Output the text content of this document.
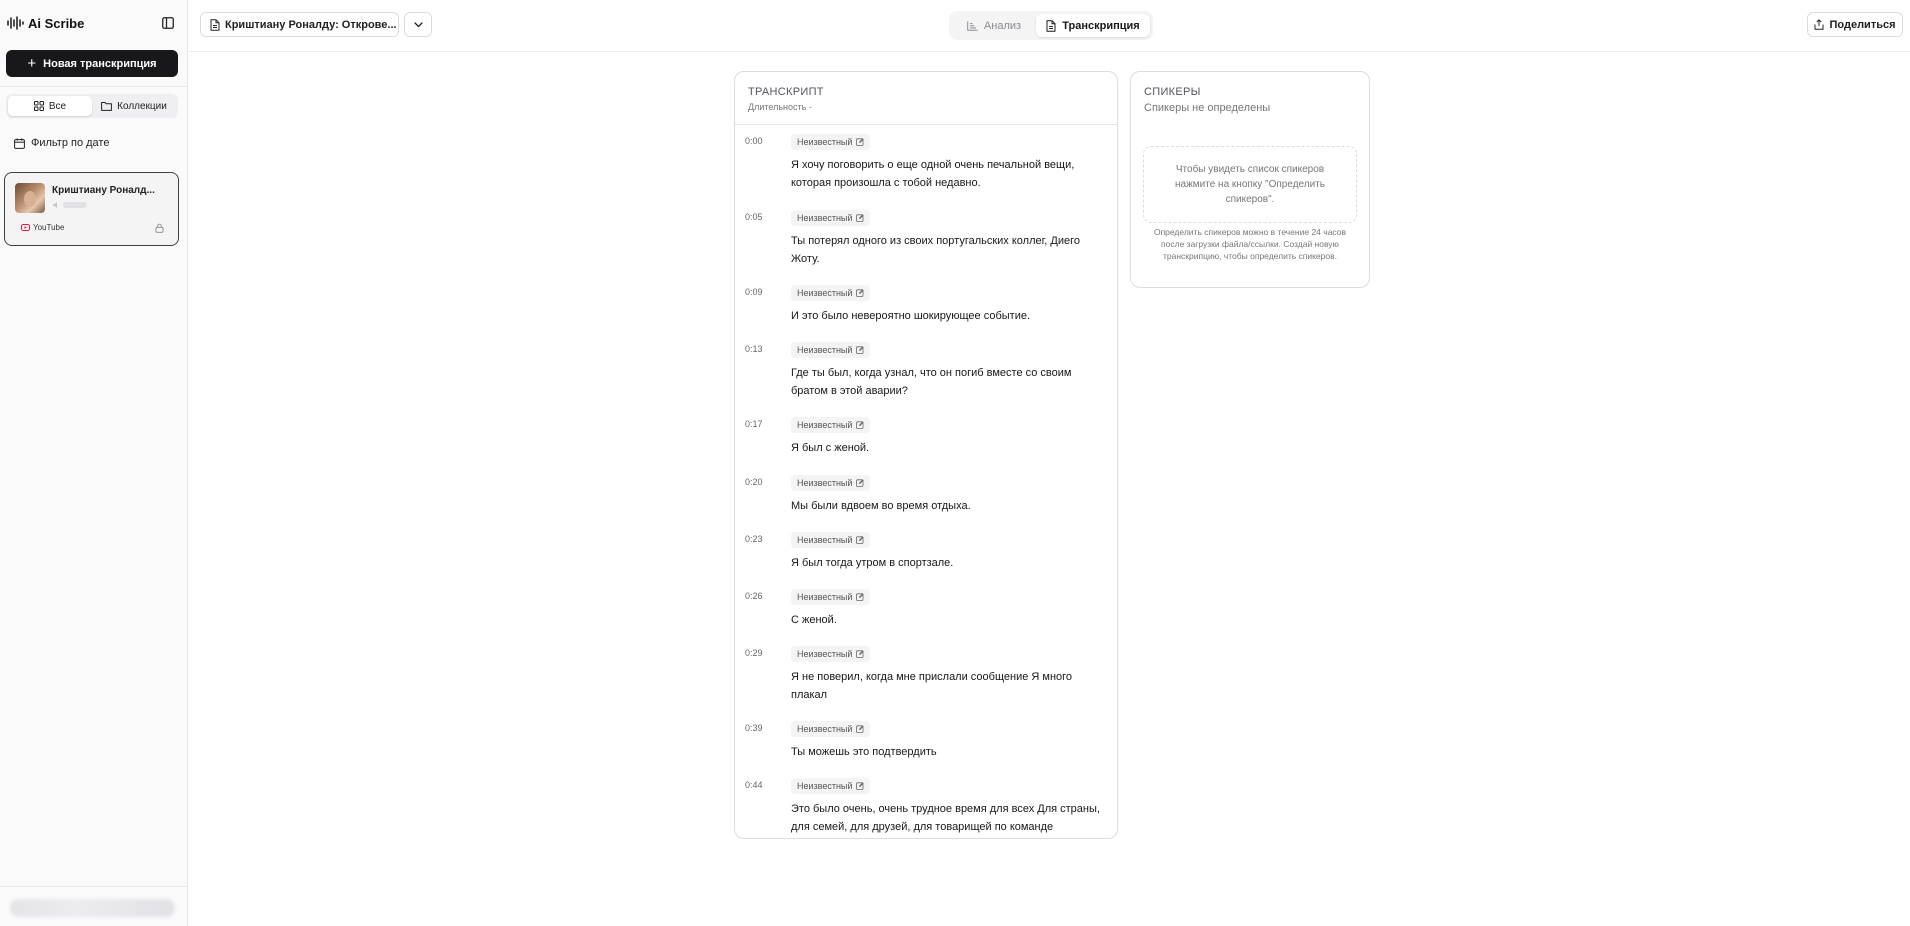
Ai Scribe
+ Новая транскрипция
Все	Коллекции
Фильтр по дате
Криштиану Роналд...
YouTube
Криштиану Роналду: Открове...	Анализ	Транскрипция	Поделиться
ТРАНСКРИПТ
Длительность -
0:00	Неизвестный
Я хочу поговорить о еще одной очень печальной вещи, которая произошла с тобой недавно.
0:05	Неизвестный
Ты потерял одного из своих португальских коллег, Диего Жоту.
0:09	Неизвестный
И это было невероятно шокирующее событие.
0:13	Неизвестный
Где ты был, когда узнал, что он погиб вместе со своим братом в этой аварии?
0:17	Неизвестный
Я был с женой.
0:20	Неизвестный
Мы были вдвоем во время отдыха.
0:23	Неизвестный
Я был тогда утром в спортзале.
0:26	Неизвестный
С женой.
0:29	Неизвестный
Я не поверил, когда мне прислали сообщение Я много плакал
0:39	Неизвестный
Ты можешь это подтвердить
0:44	Неизвестный
Это было очень, очень трудное время для всех Для страны, для семей, для друзей, для товарищей по команде
СПИКЕРЫ
Спикеры не определены
Чтобы увидеть список спикеров нажмите на кнопку "Определить спикеров".
Определить спикеров можно в течение 24 часов после загрузки файла/ссылки. Создай новую транскрипцию, чтобы определить спикеров.
